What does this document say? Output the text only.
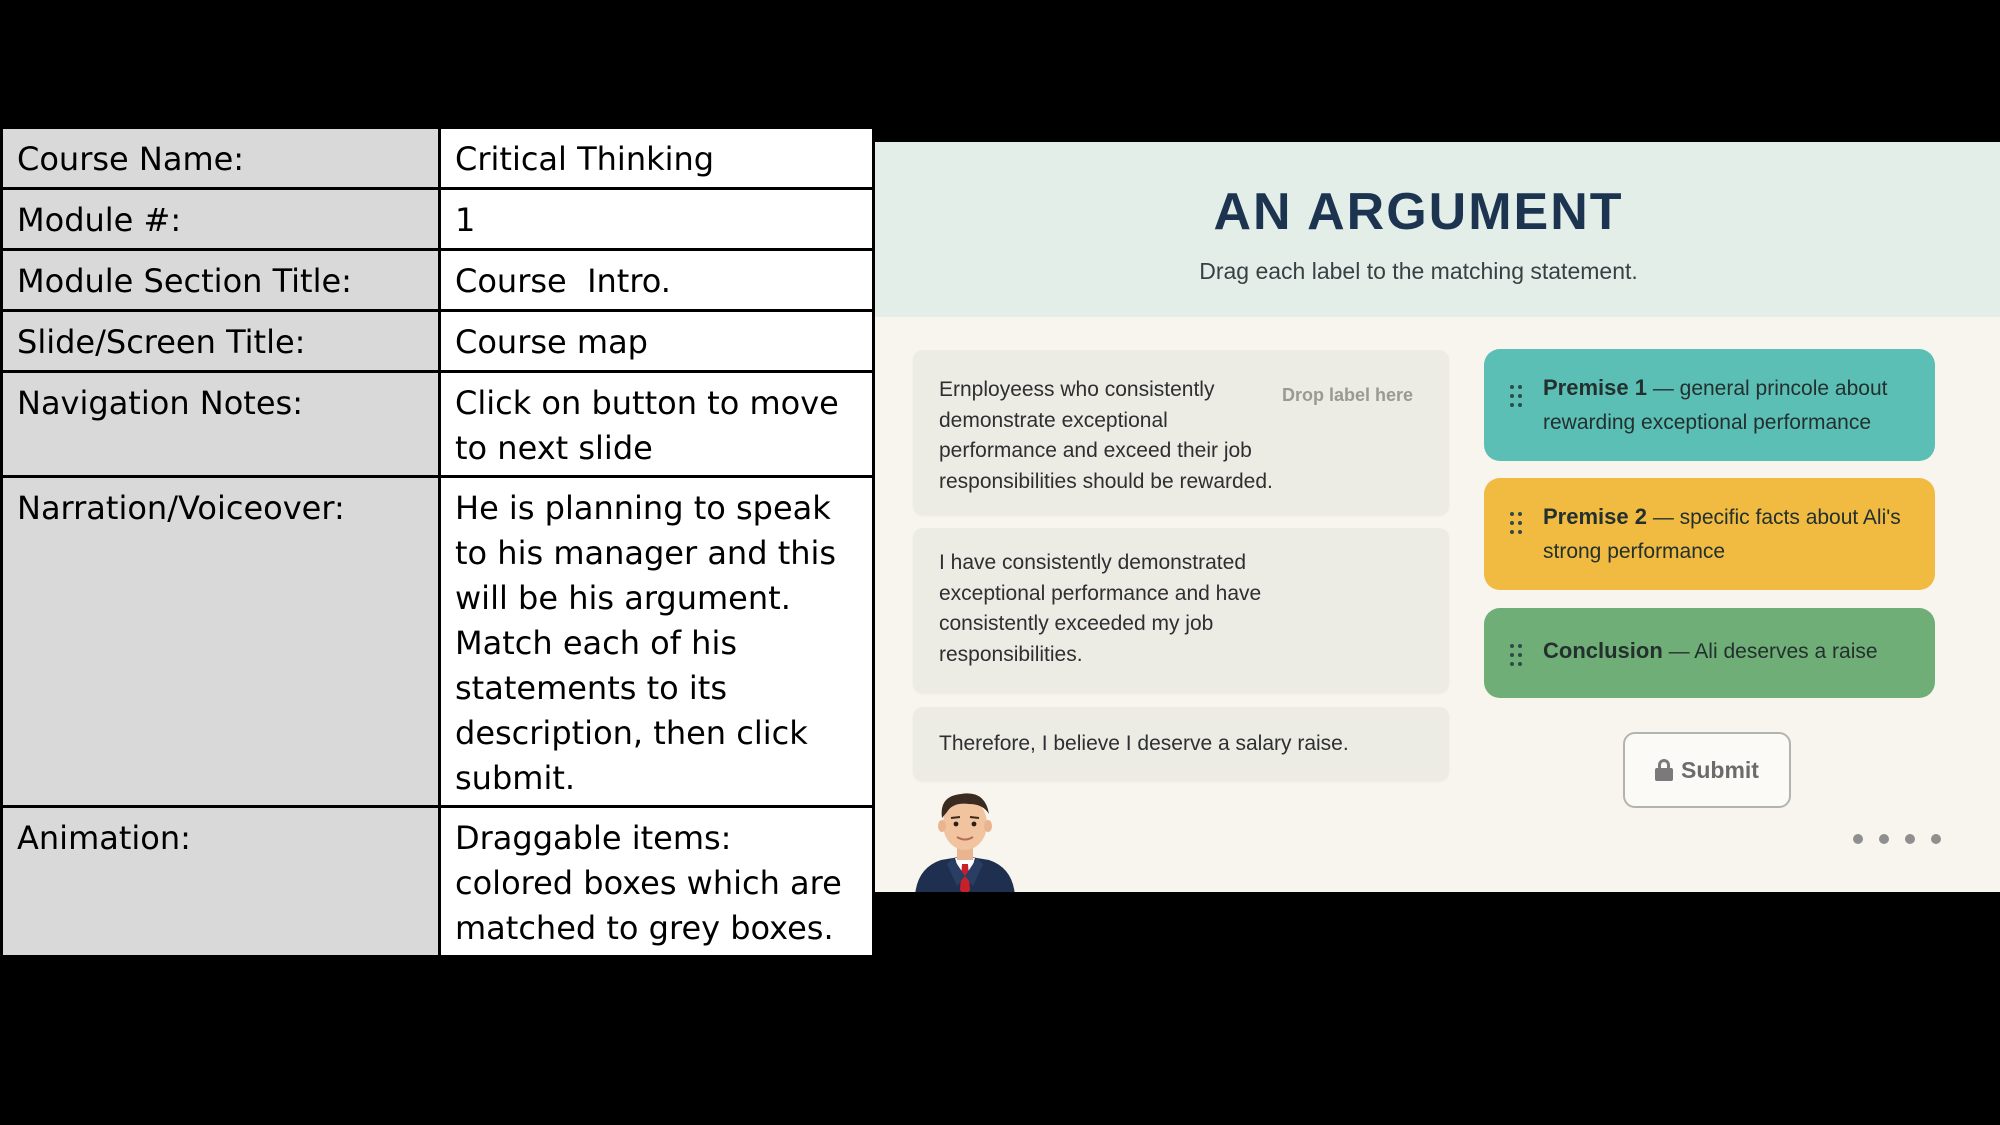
Course Name:	Critical Thinking
Module #:	1
Module Section Title:	Course  Intro.
Slide/Screen Title:	Course map
Navigation Notes:	Click on button to move to next slide
Narration/Voiceover:	He is planning to speak to his manager and this will be his argument. Match each of his statements to its description, then click submit.
Animation:	Draggable items: colored boxes which are matched to grey boxes.
AN ARGUMENT
Drag each label to the matching statement.
Ernployeess who consistently demonstrate exceptional performance and exceed their job responsibilities should be rewarded.
Drop label here
I have consistently demonstrated exceptional performance and have consistently exceeded my job responsibilities.
Therefore, I believe I deserve a salary raise.
Premise 1 — general princole about rewarding exceptional performance
Premise 2 — specific facts about Ali's strong performance
Conclusion — Ali deserves a raise
Submit
